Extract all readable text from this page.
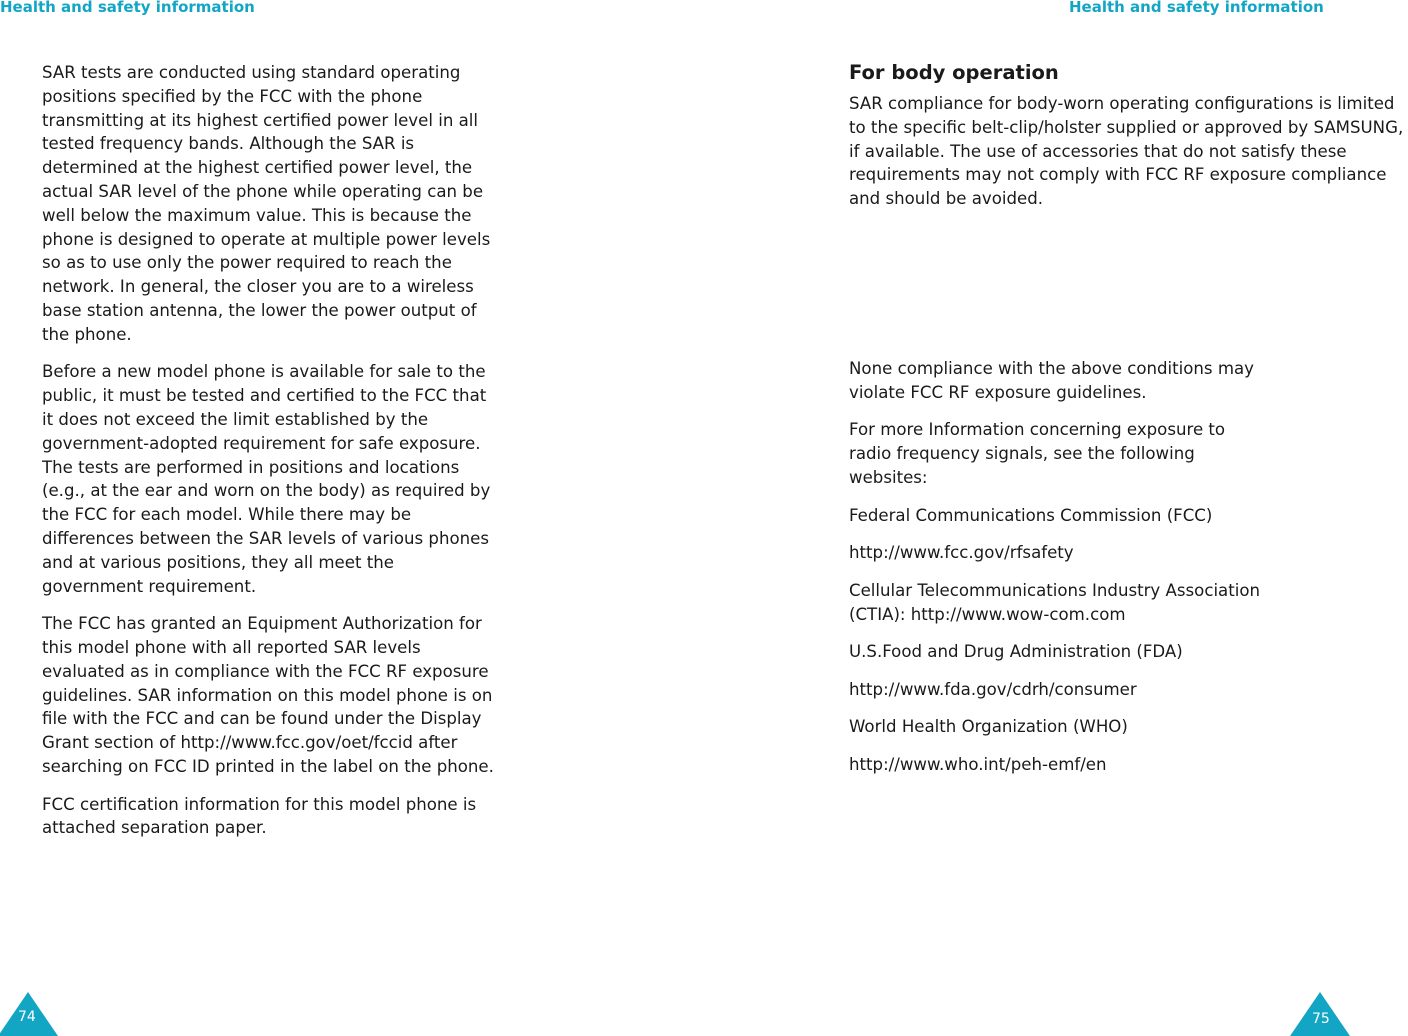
Health and safety information	Health and safety information

SAR tests are conducted using standard operating positions specified by the FCC with the phone transmitting at its highest certified power level in all tested frequency bands. Although the SAR is determined at the highest certified power level, the actual SAR level of the phone while operating can be well below the maximum value. This is because the phone is designed to operate at multiple power levels so as to use only the power required to reach the network. In general, the closer you are to a wireless base station antenna, the lower the power output of the phone.

Before a new model phone is available for sale to the public, it must be tested and certified to the FCC that it does not exceed the limit established by the government-adopted requirement for safe exposure. The tests are performed in positions and locations (e.g., at the ear and worn on the body) as required by the FCC for each model. While there may be differences between the SAR levels of various phones and at various positions, they all meet the government requirement.

The FCC has granted an Equipment Authorization for this model phone with all reported SAR levels evaluated as in compliance with the FCC RF exposure guidelines. SAR information on this model phone is on file with the FCC and can be found under the Display Grant section of http://www.fcc.gov/oet/fccid after searching on FCC ID printed in the label on the phone.

FCC certification information for this model phone is attached separation paper.

For body operation

SAR compliance for body-worn operating configurations is limited to the specific belt-clip/holster supplied or approved by SAMSUNG, if available. The use of accessories that do not satisfy these requirements may not comply with FCC RF exposure compliance and should be avoided.

None compliance with the above conditions may violate FCC RF exposure guidelines.

For more Information concerning exposure to radio frequency signals, see the following websites:

Federal Communications Commission (FCC)

http://www.fcc.gov/rfsafety

Cellular Telecommunications Industry Association (CTIA): http://www.wow-com.com

U.S.Food and Drug Administration (FDA)

http://www.fda.gov/cdrh/consumer

World Health Organization (WHO)

http://www.who.int/peh-emf/en

74	75
